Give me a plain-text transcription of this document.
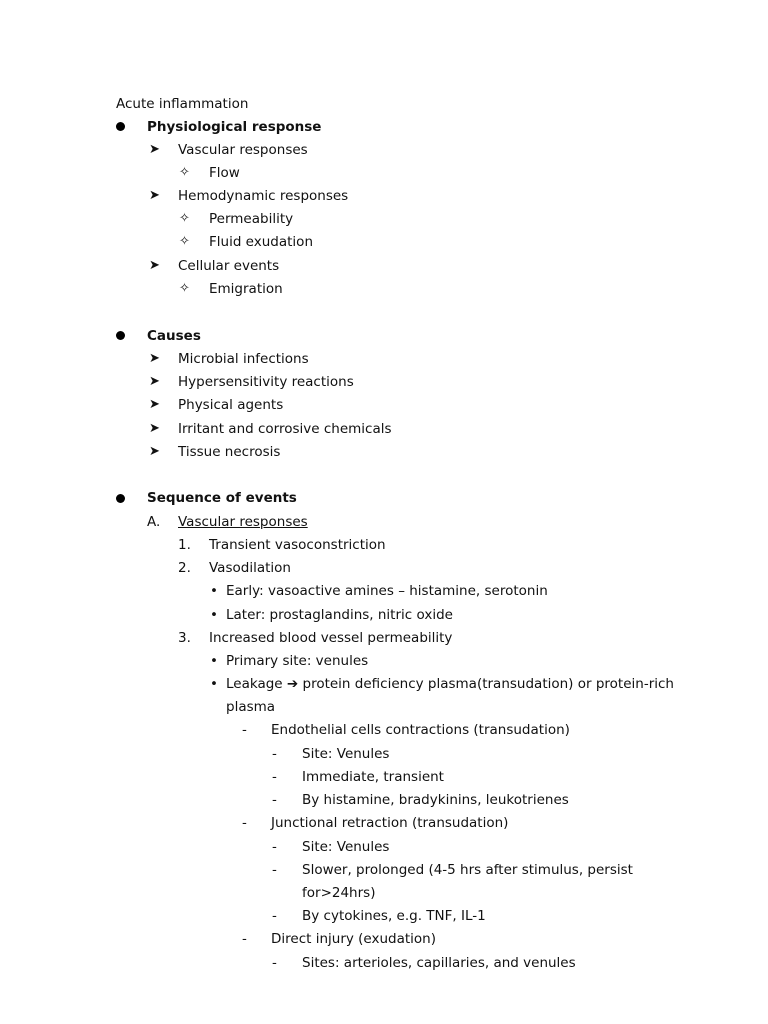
Acute inflammation
Physiological response
➤ Vascular responses
✧ Flow
➤ Hemodynamic responses
✧ Permeability
✧ Fluid exudation
➤ Cellular events
✧ Emigration
Causes
➤ Microbial infections
➤ Hypersensitivity reactions
➤ Physical agents
➤ Irritant and corrosive chemicals
➤ Tissue necrosis
Sequence of events
A. Vascular responses
1. Transient vasoconstriction
2. Vasodilation
• Early: vasoactive amines – histamine, serotonin
• Later: prostaglandins, nitric oxide
3. Increased blood vessel permeability
• Primary site: venules
• Leakage ➔ protein deficiency plasma(transudation) or protein-rich
plasma
- Endothelial cells contractions (transudation)
- Site: Venules
- Immediate, transient
- By histamine, bradykinins, leukotrienes
- Junctional retraction (transudation)
- Site: Venules
- Slower, prolonged (4-5 hrs after stimulus, persist
for>24hrs)
- By cytokines, e.g. TNF, IL-1
- Direct injury (exudation)
- Sites: arterioles, capillaries, and venules
